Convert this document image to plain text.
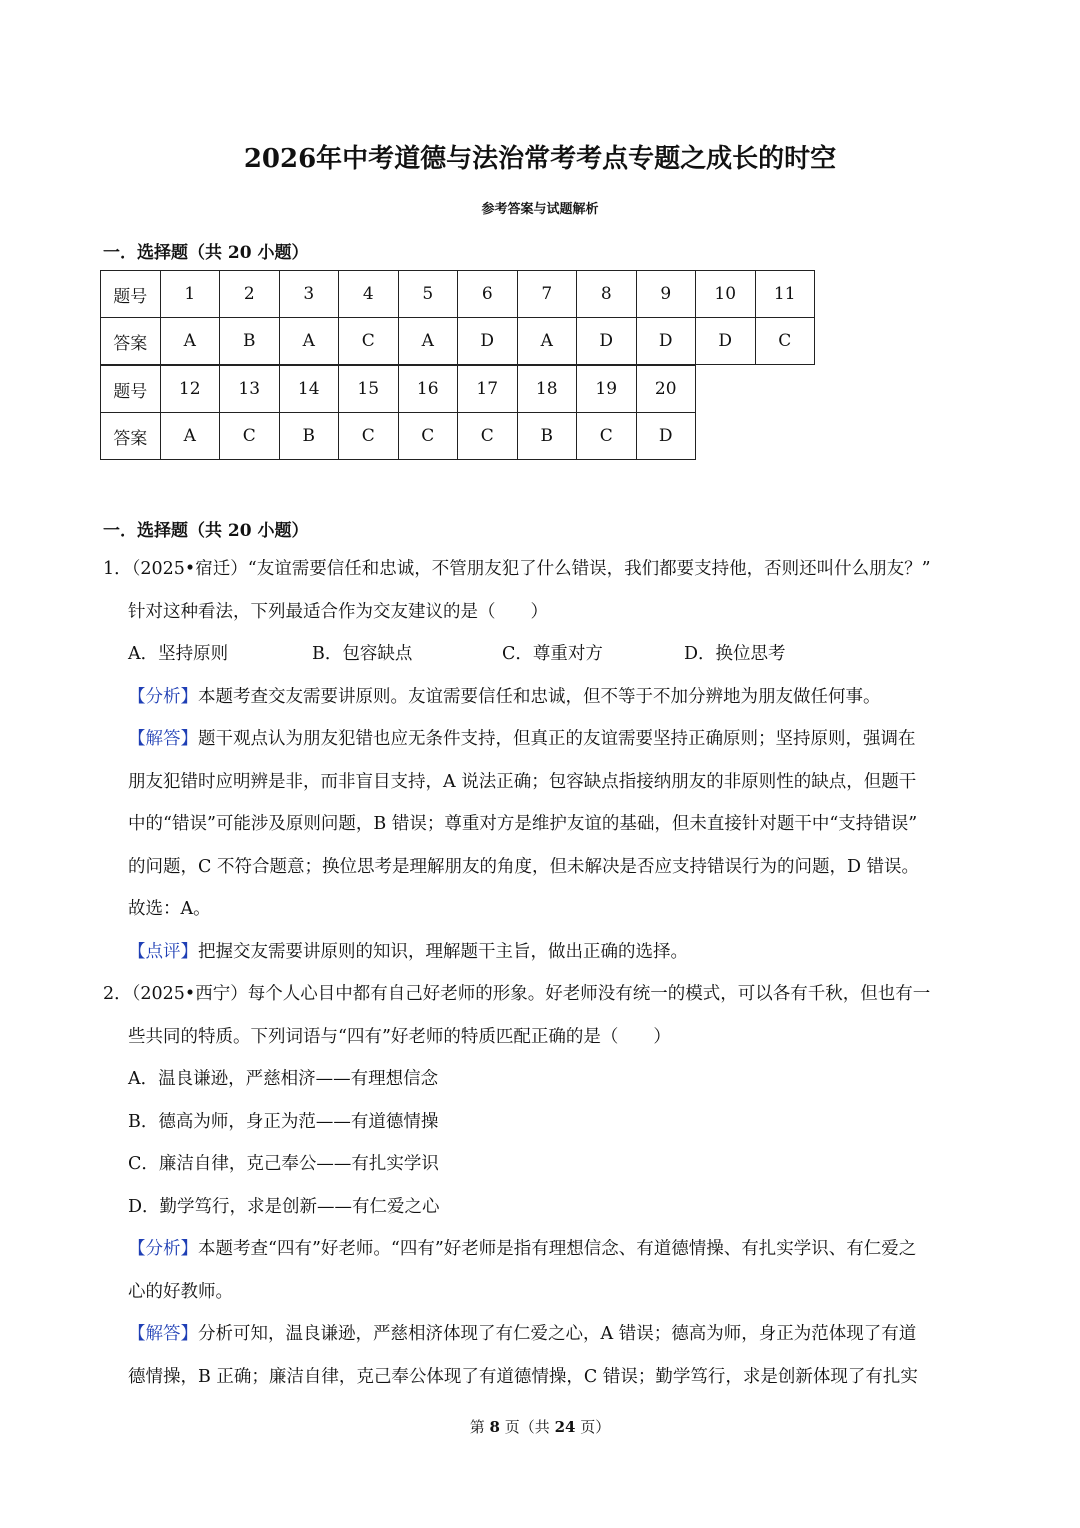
2026年中考道德与法治常考考点专题之成长的时空
参考答案与试题解析
一．选择题（共 20 小题）
题号	1	2	3	4	5	6	7	8	9	10	11
答案	A	B	A	C	A	D	A	D	D	D	C
题号	12	13	14	15	16	17	18	19	20
答案	A	C	B	C	C	C	B	C	D
一．选择题（共 20 小题）
1．（2025•宿迁）“友谊需要信任和忠诚，不管朋友犯了什么错误，我们都要支持他，否则还叫什么朋友？”
针对这种看法，下列最适合作为交友建议的是（　　）
A．坚持原则	B．包容缺点	C．尊重对方	D．换位思考
【分析】本题考查交友需要讲原则。友谊需要信任和忠诚，但不等于不加分辨地为朋友做任何事。
【解答】题干观点认为朋友犯错也应无条件支持，但真正的友谊需要坚持正确原则；坚持原则，强调在
朋友犯错时应明辨是非，而非盲目支持，A 说法正确；包容缺点指接纳朋友的非原则性的缺点，但题干
中的“错误”可能涉及原则问题，B 错误；尊重对方是维护友谊的基础，但未直接针对题干中“支持错误”
的问题，C 不符合题意；换位思考是理解朋友的角度，但未解决是否应支持错误行为的问题，D 错误。
故选：A。
【点评】把握交友需要讲原则的知识，理解题干主旨，做出正确的选择。
2．（2025•西宁）每个人心目中都有自己好老师的形象。好老师没有统一的模式，可以各有千秋，但也有一
些共同的特质。下列词语与“四有”好老师的特质匹配正确的是（　　）
A．温良谦逊，严慈相济——有理想信念
B．德高为师，身正为范——有道德情操
C．廉洁自律，克己奉公——有扎实学识
D．勤学笃行，求是创新——有仁爱之心
【分析】本题考查“四有”好老师。“四有”好老师是指有理想信念、有道德情操、有扎实学识、有仁爱之
心的好教师。
【解答】分析可知，温良谦逊，严慈相济体现了有仁爱之心，A 错误；德高为师，身正为范体现了有道
德情操，B 正确；廉洁自律，克己奉公体现了有道德情操，C 错误；勤学笃行，求是创新体现了有扎实
第 8 页（共 24 页）
